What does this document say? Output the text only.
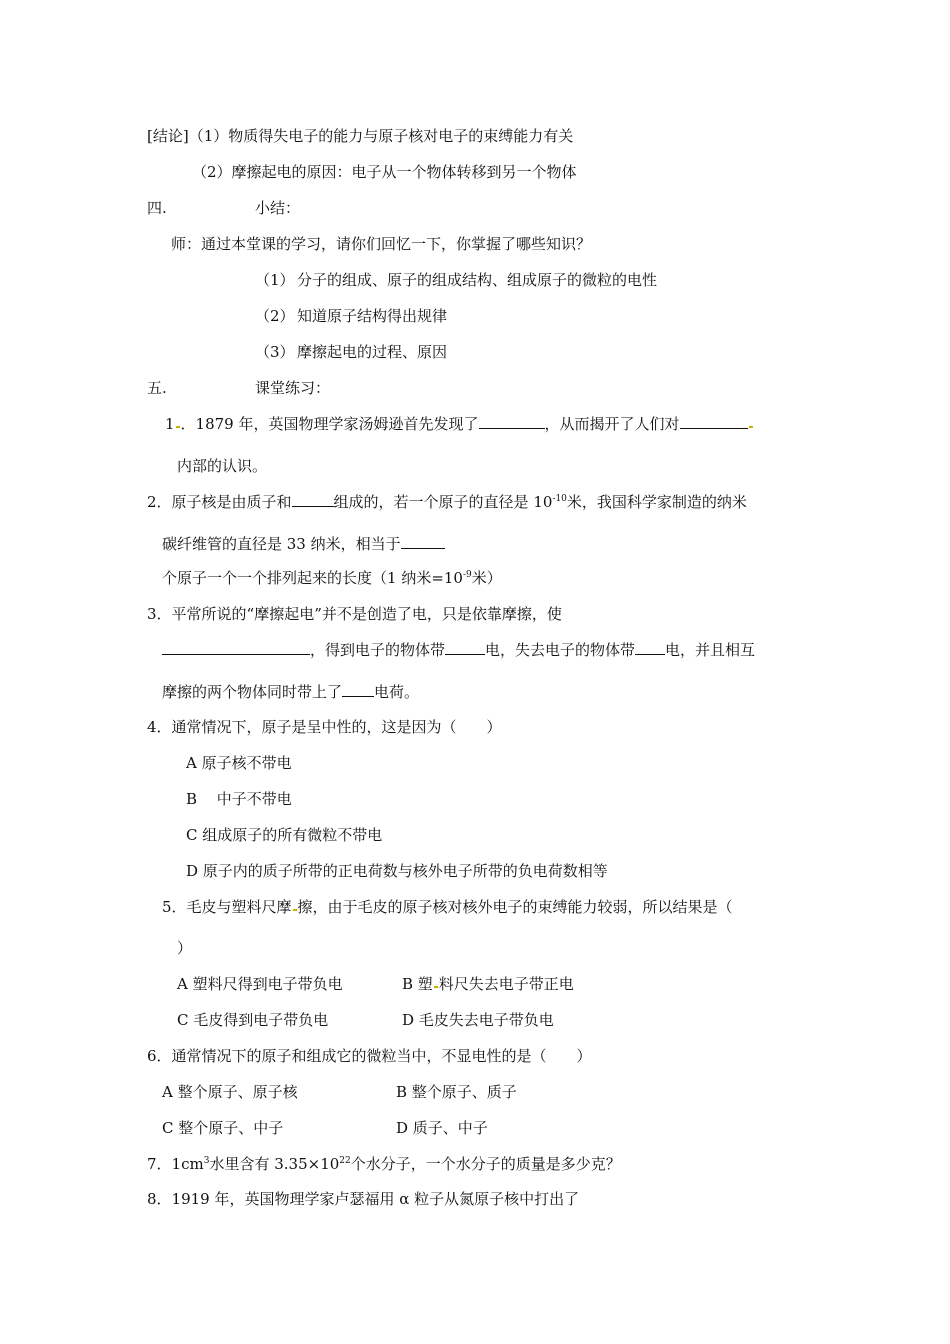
[结论]（1）物质得失电子的能力与原子核对电子的束缚能力有关
（2）摩擦起电的原因：电子从一个物体转移到另一个物体
四.	小结：
师：通过本堂课的学习，请你们回忆一下，你掌握了哪些知识？
（1） 分子的组成、原子的组成结构、组成原子的微粒的电性
（2） 知道原子结构得出规律
（3） 摩擦起电的过程、原因
五.	课堂练习：
1 ．1879 年，英国物理学家汤姆逊首先发现了	，从而揭开了人们对
内部的认识。
2．原子核是由质子和	组成的，若一个原子的直径是 $10^{-10}$米，我国科学家制造的纳米
碳纤维管的直径是 33 纳米，相当于
个原子一个一个排列起来的长度（1 纳米$=10^{-9}$米）
3．平常所说的“摩擦起电”并不是创造了电，只是依靠摩擦，使
，得到电子的物体带	电，失去电子的物体带 电，并且相互
摩擦的两个物体同时带上了 电荷。
4．通常情况下，原子是呈中性的，这是因为（　　）
A 原子核不带电
B　 中子不带电
C 组成原子的所有微粒不带电
D 原子内的质子所带的正电荷数与核外电子所带的负电荷数相等
5．毛皮与塑料尺摩 擦，由于毛皮的原子核对核外电子的束缚能力较弱，所以结果是（
）
A 塑料尺得到电子带负电	B 塑 料尺失去电子带正电
C 毛皮得到电子带负电	D 毛皮失去电子带负电
6．通常情况下的原子和组成它的微粒当中，不显电性的是（　　）
A 整个原子、原子核	B 整个原子、质子
C 整个原子、中子	D 质子、中子
7．$1cm^3$水里含有 $3.35\times 10^{22}$个水分子，一个水分子的质量是多少克？
8．1919 年，英国物理学家卢瑟福用 α 粒子从氮原子核中打出了
